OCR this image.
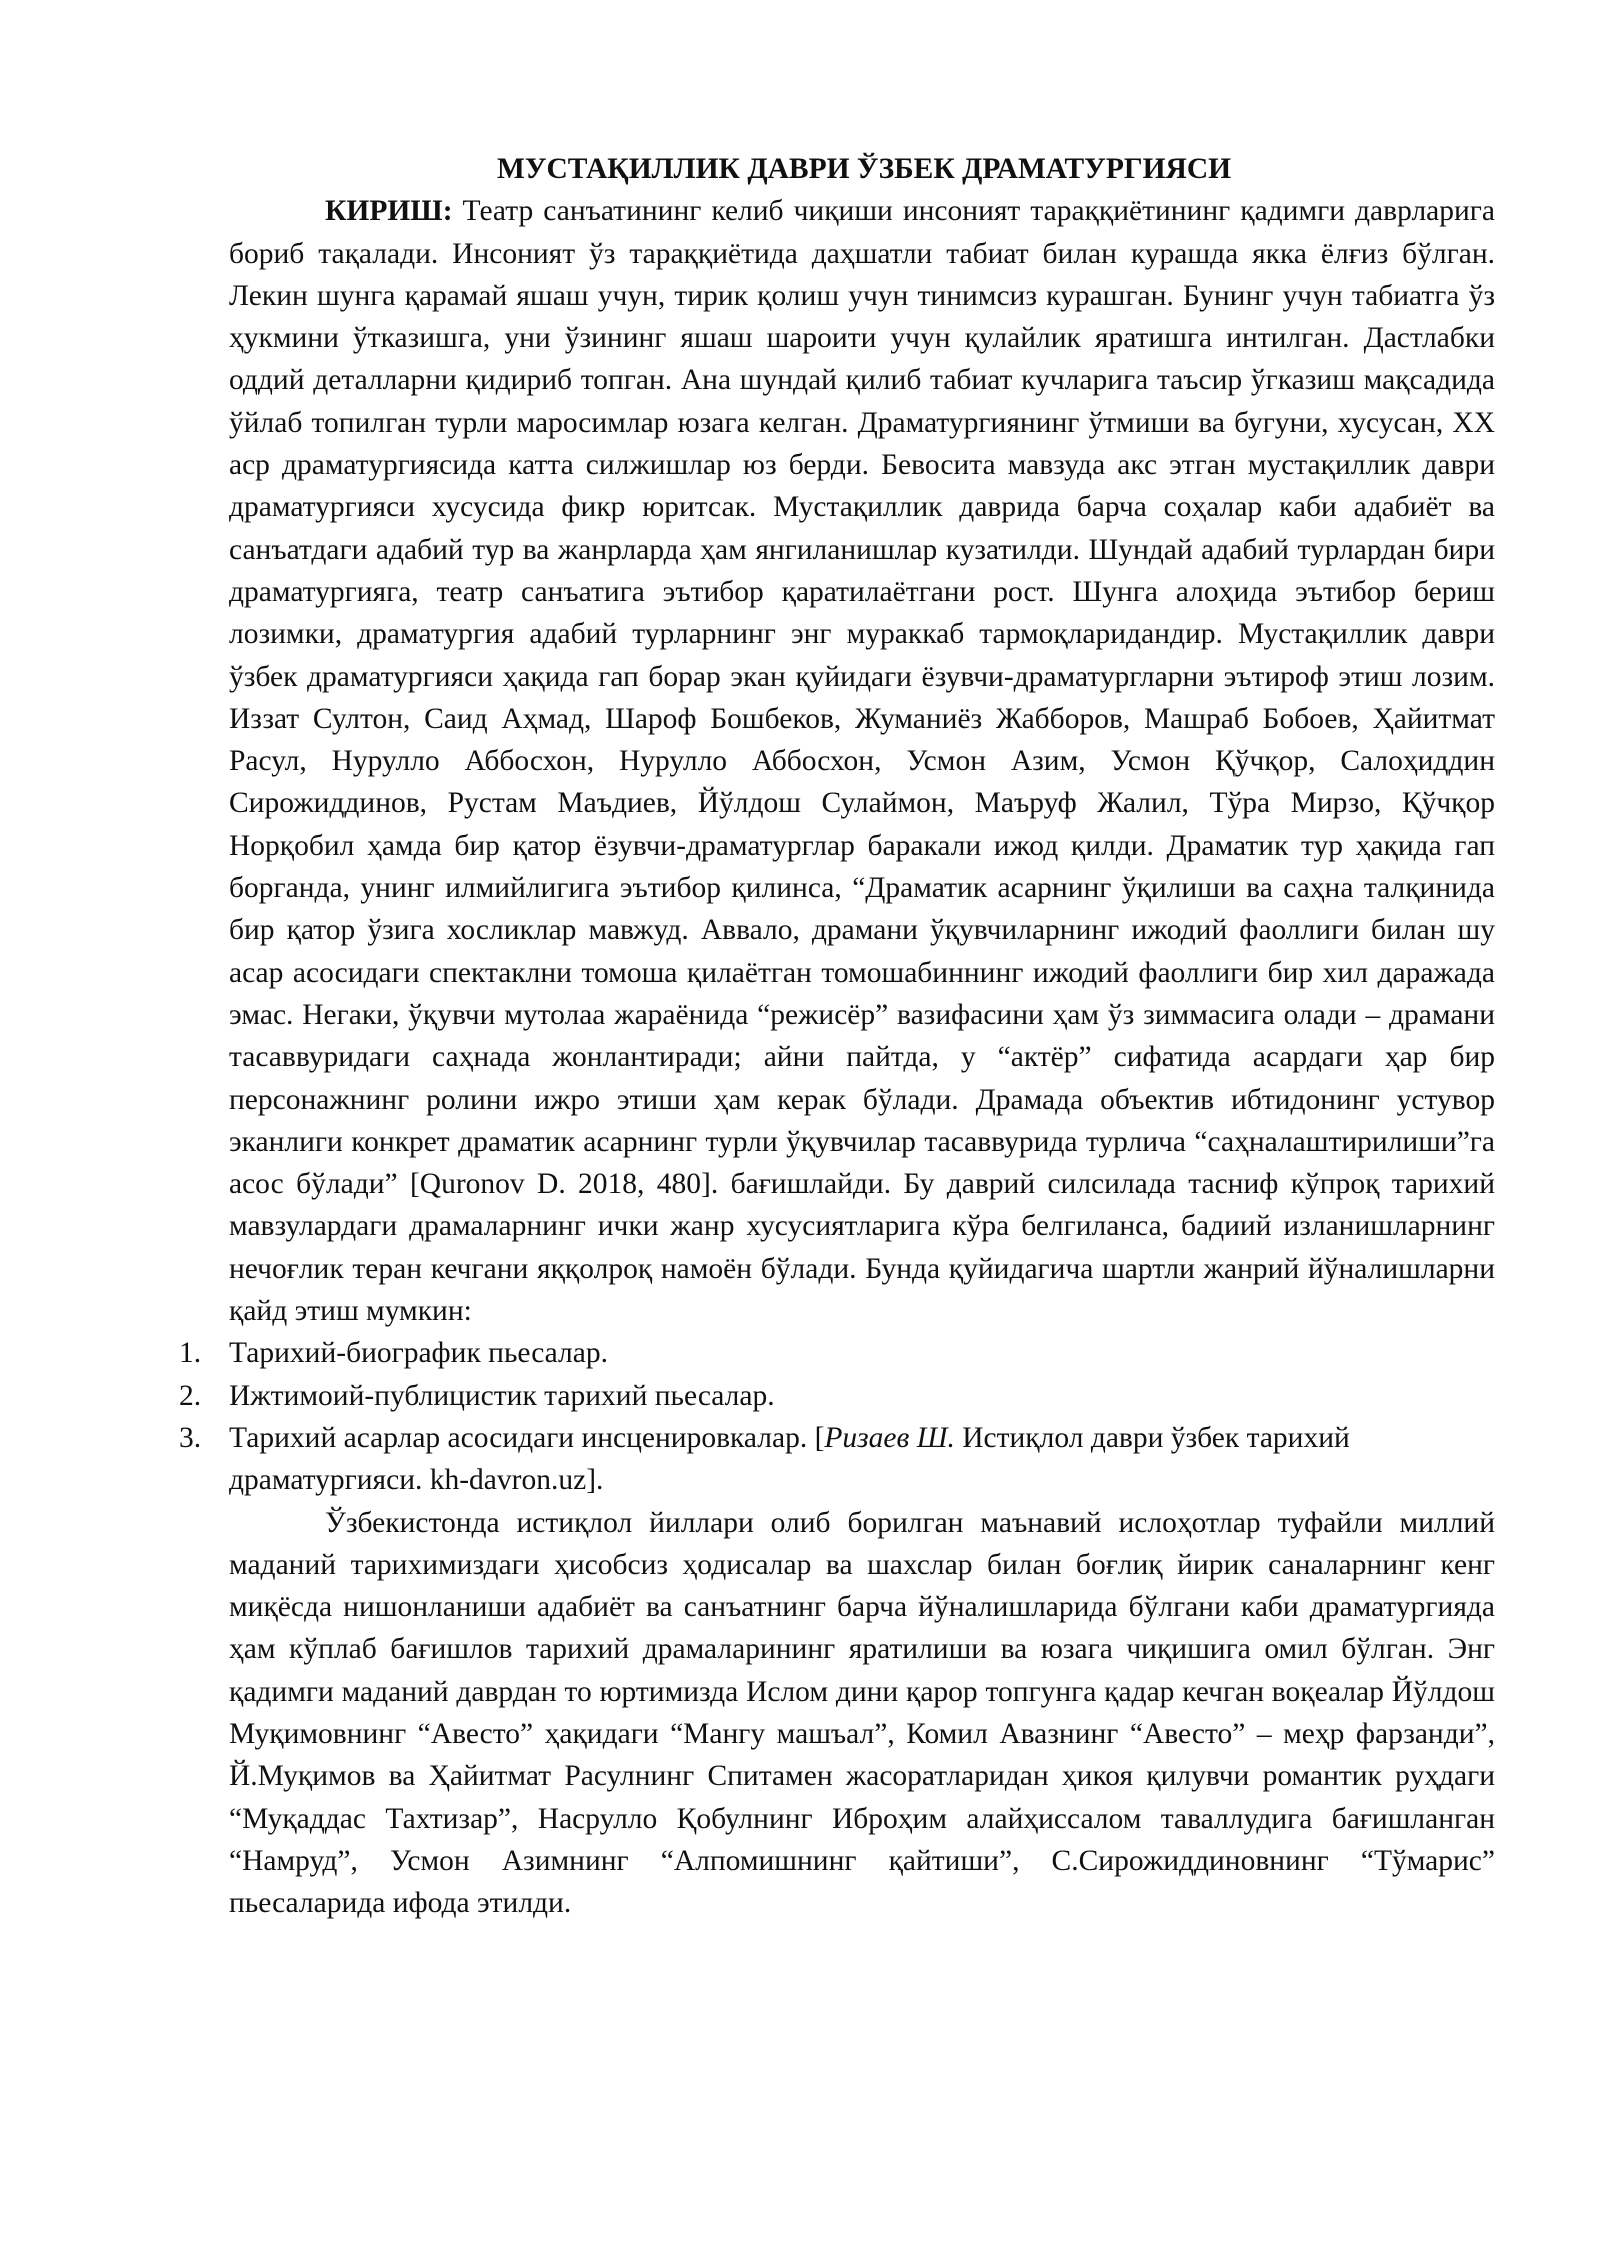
МУСТАҚИЛЛИК ДАВРИ ЎЗБЕК ДРАМАТУРГИЯСИ

КИРИШ: Театр санъатининг келиб чиқиши инсоният тараққиётининг қадимги даврларига бориб тақалади. Инсоният ўз тараққиётида даҳшатли табиат билан курашда якка ёлғиз бўлган. Лекин шунга қарамай яшаш учун, тирик қолиш учун тинимсиз курашган. Бунинг учун табиатга ўз ҳукмини ўтказишга, уни ўзининг яшаш шароити учун қулайлик яратишга интилган. Дастлабки оддий деталларни қидириб топган. Ана шундай қилиб табиат кучларига таъсир ўгказиш мақсадида ўйлаб топилган турли маросимлар юзага келган. Драматургиянинг ўтмиши ва бугуни, хусусан, XX аср драматургиясида катта силжишлар юз берди. Бевосита мавзуда акс этган мустақиллик даври драматургияси хусусида фикр юритсак. Мустақиллик даврида барча соҳалар каби адабиёт ва санъатдаги адабий тур ва жанрларда ҳам янгиланишлар кузатилди. Шундай адабий турлардан бири драматургияга, театр санъатига эътибор қаратилаётгани рост. Шунга алоҳида эътибор бериш лозимки, драматургия адабий турларнинг энг мураккаб тармоқларидандир. Мустақиллик даври ўзбек драматургияси ҳақида гап борар экан қуйидаги ёзувчи-драматургларни эътироф этиш лозим. Иззат Султон, Саид Аҳмад, Шароф Бошбеков, Жуманиёз Жабборов, Машраб Бобоев, Ҳайитмат Расул, Нурулло Аббосхон, Нурулло Аббосхон, Усмон Азим, Усмон Қўчқор, Салоҳиддин Сирожиддинов, Рустам Маъдиев, Йўлдош Сулаймон, Маъруф Жалил, Тўра Мирзо, Қўчқор Норқобил ҳамда бир қатор ёзувчи-драматурглар баракали ижод қилди. Драматик тур ҳақида гап борганда, унинг илмийлигига эътибор қилинса, “Драматик асарнинг ўқилиши ва саҳна талқинида бир қатор ўзига хосликлар мавжуд. Аввало, драмани ўқувчиларнинг ижодий фаоллиги билан шу асар асосидаги спектаклни томоша қилаётган томошабиннинг ижодий фаоллиги бир хил даражада эмас. Негаки, ўқувчи мутолаа жараёнида “режисёр” вазифасини ҳам ўз зиммасига олади – драмани тасаввуридаги саҳнада жонлантиради; айни пайтда, у “актёр” сифатида асардаги ҳар бир персонажнинг ролини ижро этиши ҳам керак бўлади. Драмада объектив ибтидонинг устувор эканлиги конкрет драматик асарнинг турли ўқувчилар тасаввурида турлича “саҳналаштирилиши”га асос бўлади” [Quronov D. 2018, 480]. бағишлайди. Бу даврий силсилада тасниф кўпроқ тарихий мавзулардаги драмаларнинг ички жанр хусусиятларига кўра белгиланса, бадиий изланишларнинг нечоғлик теран кечгани яққолроқ намоён бўлади. Бунда қуйидагича шартли жанрий йўналишларни қайд этиш мумкин:

1. Тарихий-биографик пьесалар.
2. Ижтимоий-публицистик тарихий пьесалар.
3. Тарихий асарлар асосидаги инсценировкалар. [Ризаев Ш. Истиқлол даври ўзбек тарихий драматургияси. kh-davron.uz].

Ўзбекистонда истиқлол йиллари олиб борилган маънавий ислоҳотлар туфайли миллий маданий тарихимиздаги ҳисобсиз ҳодисалар ва шахслар билан боғлиқ йирик саналарнинг кенг миқёсда нишонланиши адабиёт ва санъатнинг барча йўналишларида бўлгани каби драматургияда ҳам кўплаб бағишлов тарихий драмаларининг яратилиши ва юзага чиқишига омил бўлган. Энг қадимги маданий даврдан то юртимизда Ислом дини қарор топгунга қадар кечган воқеалар Йўлдош Муқимовнинг “Авесто” ҳақидаги “Мангу машъал”, Комил Авазнинг “Авесто” – меҳр фарзанди”, Й.Муқимов ва Ҳайитмат Расулнинг Спитамен жасоратларидан ҳикоя қилувчи романтик руҳдаги “Муқаддас Тахтизар”, Насрулло Қобулнинг Иброҳим алайҳиссалом таваллудига бағишланган “Намруд”, Усмон Азимнинг “Алпомишнинг қайтиши”, С.Сирожиддиновнинг “Тўмарис” пьесаларида ифода этилди.
